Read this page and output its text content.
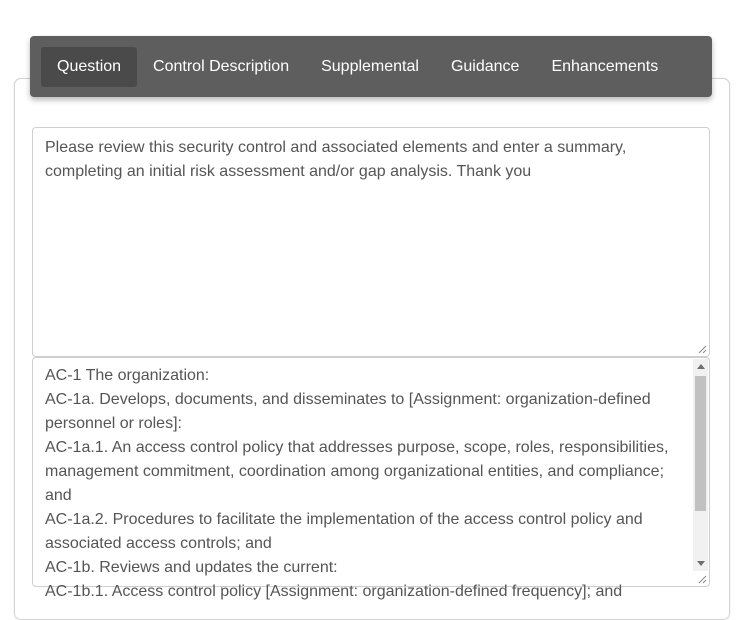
Question	Control Description	Supplemental	Guidance	Enhancements
Please review this security control and associated elements and enter a summary, completing an initial risk assessment and/or gap analysis. Thank you
AC-1 The organization:
AC-1a. Develops, documents, and disseminates to [Assignment: organization-defined personnel or roles]:
AC-1a.1. An access control policy that addresses purpose, scope, roles, responsibilities, management commitment, coordination among organizational entities, and compliance; and
AC-1a.2. Procedures to facilitate the implementation of the access control policy and associated access controls; and
AC-1b. Reviews and updates the current:
AC-1b.1. Access control policy [Assignment: organization-defined frequency]; and
